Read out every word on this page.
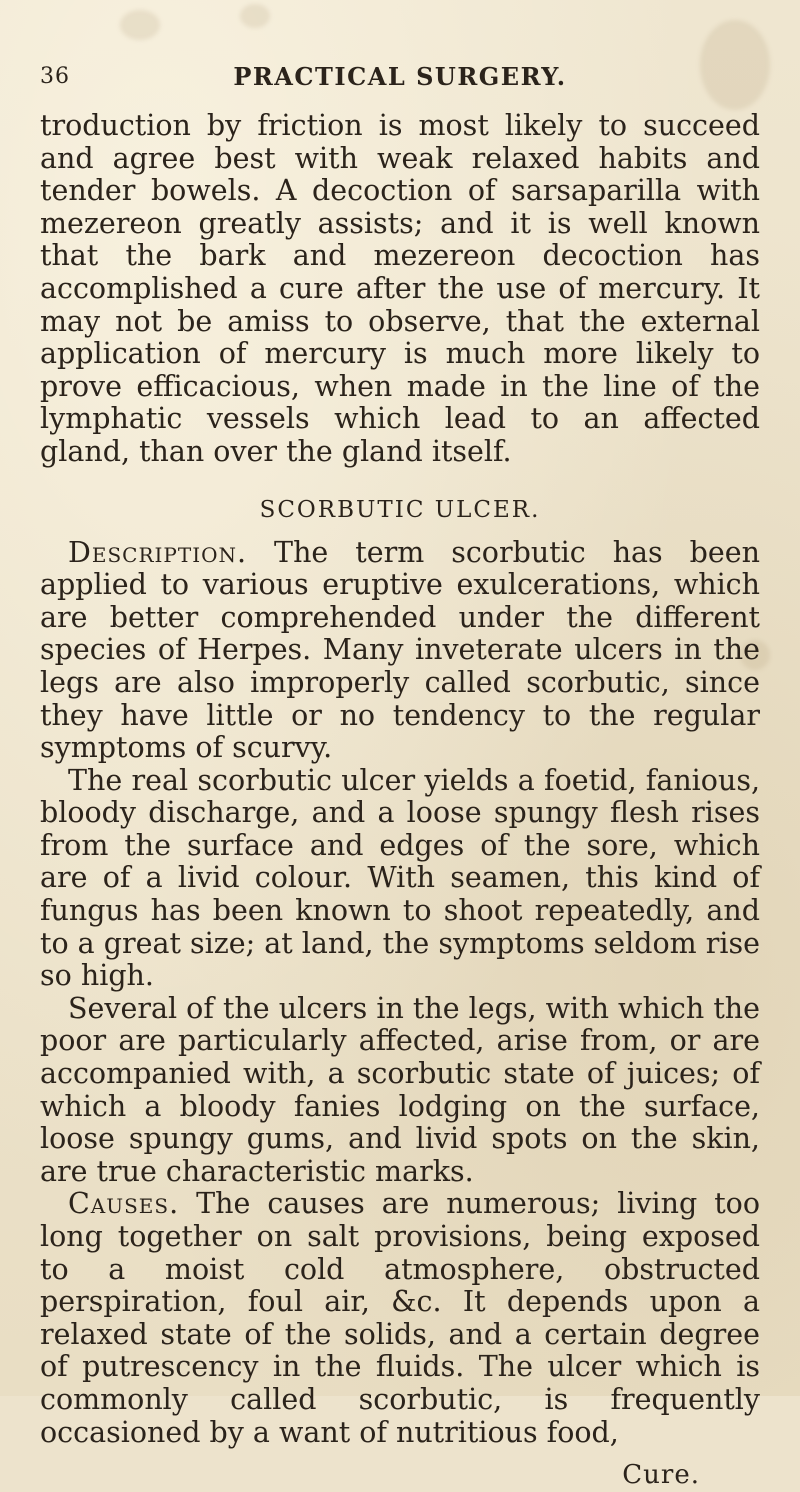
36	PRACTICAL SURGERY.

troduction by friction is most likely to succeed and agree best with weak relaxed habits and tender bowels. A decoction of sarsaparilla with mezereon greatly assists; and it is well known that the bark and mezereon decoction has accomplished a cure after the use of mercury. It may not be amiss to observe, that the external application of mercury is much more likely to prove efficacious, when made in the line of the lymphatic vessels which lead to an affected gland, than over the gland itself.

SCORBUTIC ULCER.

Description. The term scorbutic has been applied to various eruptive exulcerations, which are better comprehended under the different species of Herpes. Many inveterate ulcers in the legs are also improperly called scorbutic, since they have little or no tendency to the regular symptoms of scurvy.

The real scorbutic ulcer yields a foetid, fanious, bloody discharge, and a loose spungy flesh rises from the surface and edges of the sore, which are of a livid colour. With seamen, this kind of fungus has been known to shoot repeatedly, and to a great size; at land, the symptoms seldom rise so high.

Several of the ulcers in the legs, with which the poor are particularly affected, arise from, or are accompanied with, a scorbutic state of juices; of which a bloody fanies lodging on the surface, loose spungy gums, and livid spots on the skin, are true characteristic marks.

Causes. The causes are numerous; living too long together on salt provisions, being exposed to a moist cold atmosphere, obstructed perspiration, foul air, &c. It depends upon a relaxed state of the solids, and a certain degree of putrescency in the fluids. The ulcer which is commonly called scorbutic, is frequently occasioned by a want of nutritious food,

Cure.
